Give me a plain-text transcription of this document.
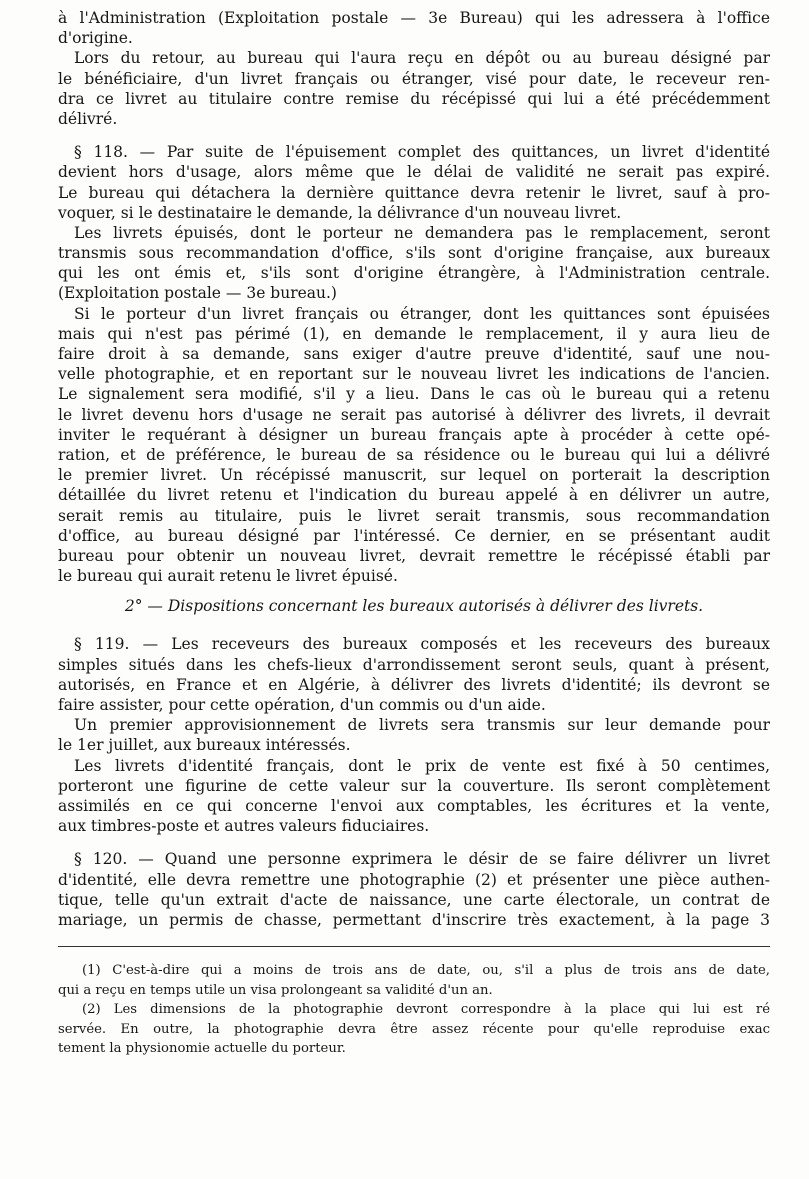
à l'Administration (Exploitation postale — 3e Bureau) qui les adressera à l'office
d'origine.
Lors du retour, au bureau qui l'aura reçu en dépôt ou au bureau désigné par
le bénéficiaire, d'un livret français ou étranger, visé pour date, le receveur ren-
dra ce livret au titulaire contre remise du récépissé qui lui a été précédemment
délivré.
§ 118. — Par suite de l'épuisement complet des quittances, un livret d'identité
devient hors d'usage, alors même que le délai de validité ne serait pas expiré.
Le bureau qui détachera la dernière quittance devra retenir le livret, sauf à pro-
voquer, si le destinataire le demande, la délivrance d'un nouveau livret.
Les livrets épuisés, dont le porteur ne demandera pas le remplacement, seront
transmis sous recommandation d'office, s'ils sont d'origine française, aux bureaux
qui les ont émis et, s'ils sont d'origine étrangère, à l'Administration centrale.
(Exploitation postale — 3e bureau.)
Si le porteur d'un livret français ou étranger, dont les quittances sont épuisées
mais qui n'est pas périmé (1), en demande le remplacement, il y aura lieu de
faire droit à sa demande, sans exiger d'autre preuve d'identité, sauf une nou-
velle photographie, et en reportant sur le nouveau livret les indications de l'ancien.
Le signalement sera modifié, s'il y a lieu. Dans le cas où le bureau qui a retenu
le livret devenu hors d'usage ne serait pas autorisé à délivrer des livrets, il devrait
inviter le requérant à désigner un bureau français apte à procéder à cette opé-
ration, et de préférence, le bureau de sa résidence ou le bureau qui lui a délivré
le premier livret. Un récépissé manuscrit, sur lequel on porterait la description
détaillée du livret retenu et l'indication du bureau appelé à en délivrer un autre,
serait remis au titulaire, puis le livret serait transmis, sous recommandation
d'office, au bureau désigné par l'intéressé. Ce dernier, en se présentant audit
bureau pour obtenir un nouveau livret, devrait remettre le récépissé établi par
le bureau qui aurait retenu le livret épuisé.
2° — Dispositions concernant les bureaux autorisés à délivrer des livrets.
§ 119. — Les receveurs des bureaux composés et les receveurs des bureaux
simples situés dans les chefs-lieux d'arrondissement seront seuls, quant à présent,
autorisés, en France et en Algérie, à délivrer des livrets d'identité; ils devront se
faire assister, pour cette opération, d'un commis ou d'un aide.
Un premier approvisionnement de livrets sera transmis sur leur demande pour
le 1er juillet, aux bureaux intéressés.
Les livrets d'identité français, dont le prix de vente est fixé à 50 centimes,
porteront une figurine de cette valeur sur la couverture. Ils seront complètement
assimilés en ce qui concerne l'envoi aux comptables, les écritures et la vente,
aux timbres-poste et autres valeurs fiduciaires.
§ 120. — Quand une personne exprimera le désir de se faire délivrer un livret
d'identité, elle devra remettre une photographie (2) et présenter une pièce authen-
tique, telle qu'un extrait d'acte de naissance, une carte électorale, un contrat de
mariage, un permis de chasse, permettant d'inscrire très exactement, à la page 3
(1) C'est-à-dire qui a moins de trois ans de date, ou, s'il a plus de trois ans de date,
qui a reçu en temps utile un visa prolongeant sa validité d'un an.
(2) Les dimensions de la photographie devront correspondre à la place qui lui est ré
servée. En outre, la photographie devra être assez récente pour qu'elle reproduise exac
tement la physionomie actuelle du porteur.
